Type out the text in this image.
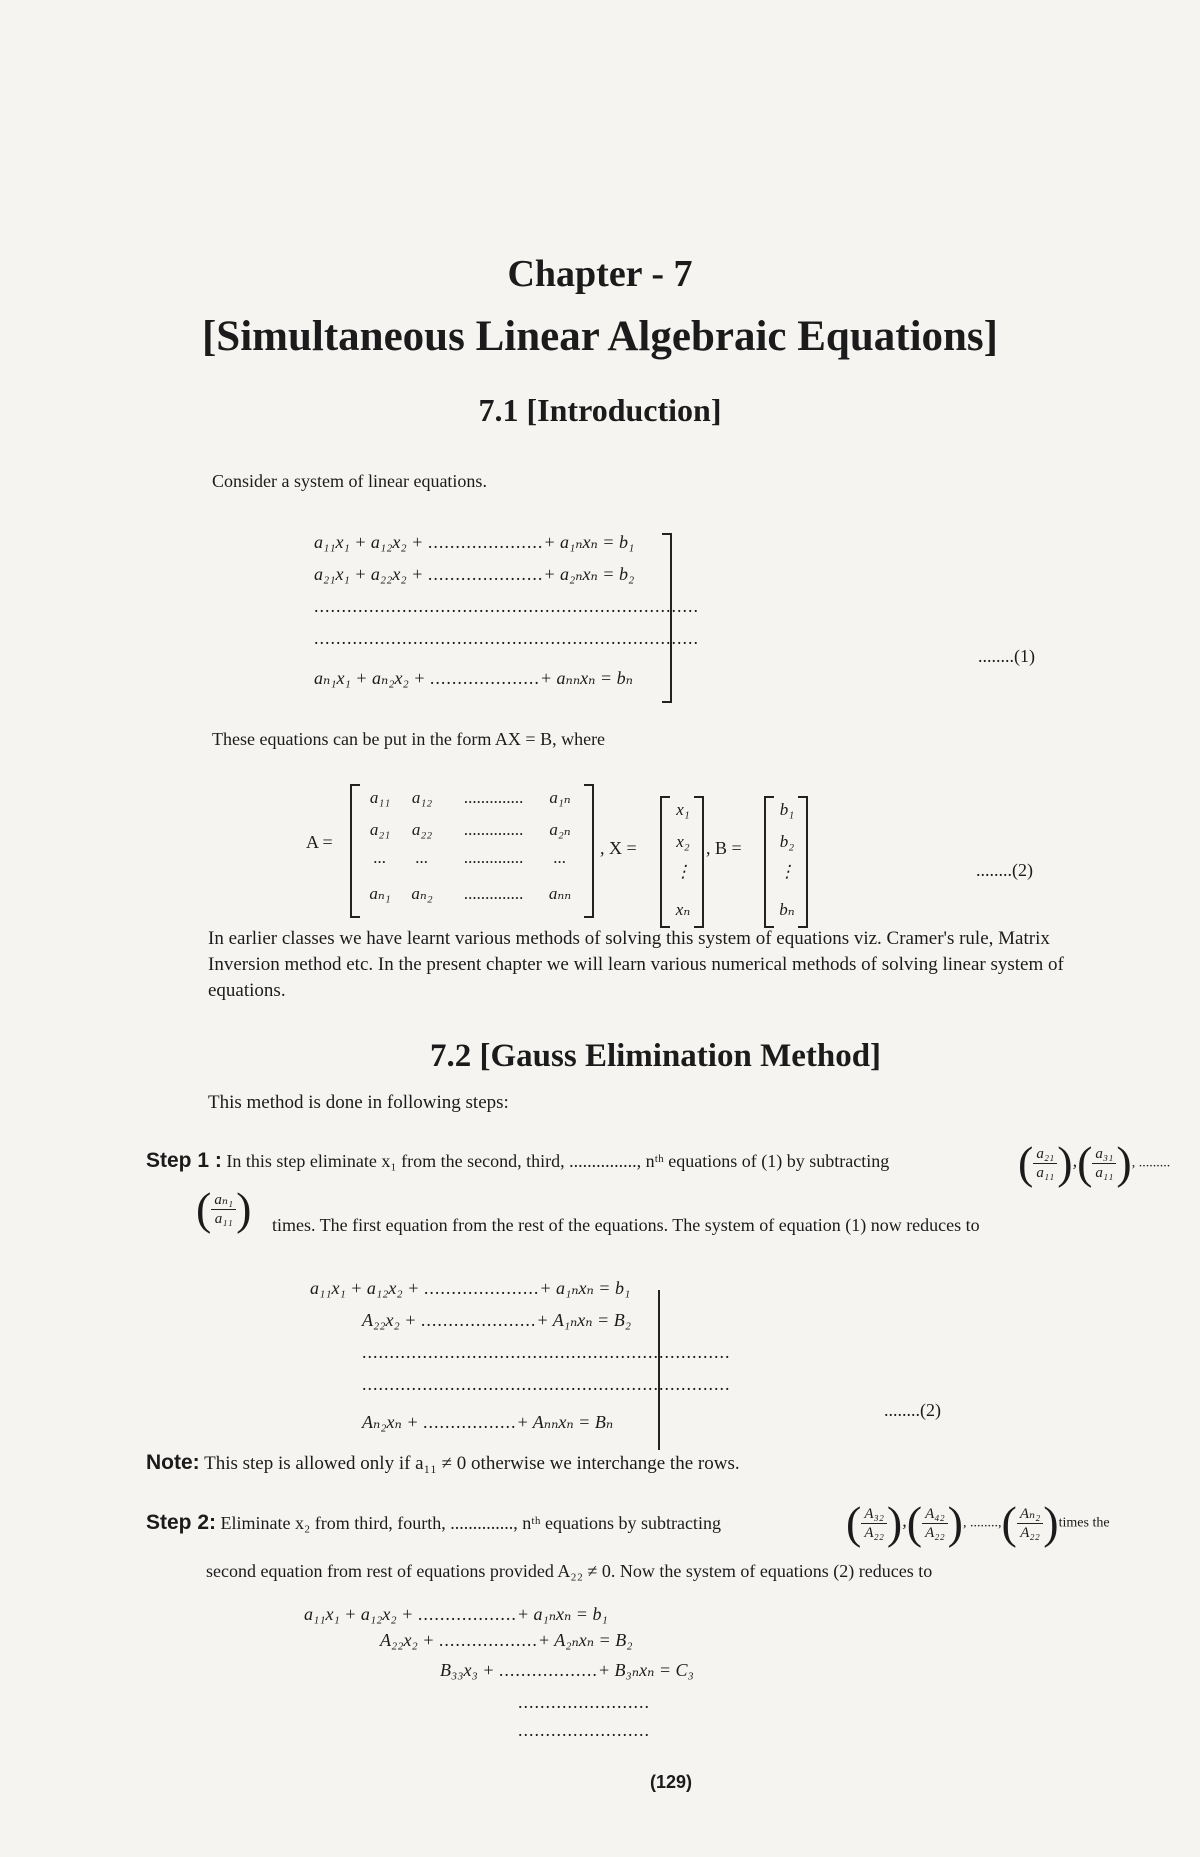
Chapter - 7
[Simultaneous Linear Algebraic Equations]
7.1 [Introduction]
Consider a system of linear equations.
a₁₁x₁ + a₁₂x₂ + .....................+ a₁ₙxₙ = b₁
a₂₁x₁ + a₂₂x₂ + .....................+ a₂ₙxₙ = b₂
......................................................................
......................................................................
aₙ₁x₁ + aₙ₂x₂ + ....................+ aₙₙxₙ = bₙ
........(1)
These equations can be put in the form AX = B, where
A =
a₁₁	a₁₂	..............	a₁ₙ
a₂₁	a₂₂	..............	a₂ₙ
...	...	..............	...
aₙ₁	aₙ₂	..............	aₙₙ
, X =
x₁
x₂
⋮
xₙ
, B =
b₁
b₂
⋮
bₙ
........(2)
In earlier classes we have learnt various methods of solving this system of equations viz. Cramer's rule, Matrix
Inversion method etc. In the present chapter we will learn various numerical methods of solving linear system of
equations.
7.2 [Gauss Elimination Method]
This method is done in following steps:
Step 1 : In this step eliminate x₁ from the second, third, ..............., nᵗʰ equations of (1) by subtracting	( $\frac{\text{a₂₁}}{\text{a₁₁}}$ ),( $\frac{\text{a₃₁}}{\text{a₁₁}}$ ), .........
( $\frac{\text{aₙ₁}}{\text{a₁₁}}$ ) times. The first equation from the rest of the equations. The system of equation (1) now reduces to
a₁₁x₁ + a₁₂x₂ + .....................+ a₁ₙxₙ = b₁
A₂₂x₂ + .....................+ A₁ₙxₙ = B₂
...................................................................
...................................................................
Aₙ₂xₙ + .................+ Aₙₙxₙ = Bₙ
........(2)
Note: This step is allowed only if a₁₁ ≠ 0 otherwise we interchange the rows.
Step 2: Eliminate x₂ from third, fourth, .............., nᵗʰ equations by subtracting	( $\frac{\text{A₃₂}}{\text{A₂₂}}$ ),( $\frac{\text{A₄₂}}{\text{A₂₂}}$ ), ........,( $\frac{\text{Aₙ₂}}{\text{A₂₂}}$ )times the
second equation from rest of equations provided A₂₂ ≠ 0. Now the system of equations (2) reduces to
a₁₁x₁ + a₁₂x₂ + ..................+ a₁ₙxₙ = b₁
A₂₂x₂ + ..................+ A₂ₙxₙ = B₂
B₃₃x₃ + ..................+ B₃ₙxₙ = C₃
........................
........................
(129)
